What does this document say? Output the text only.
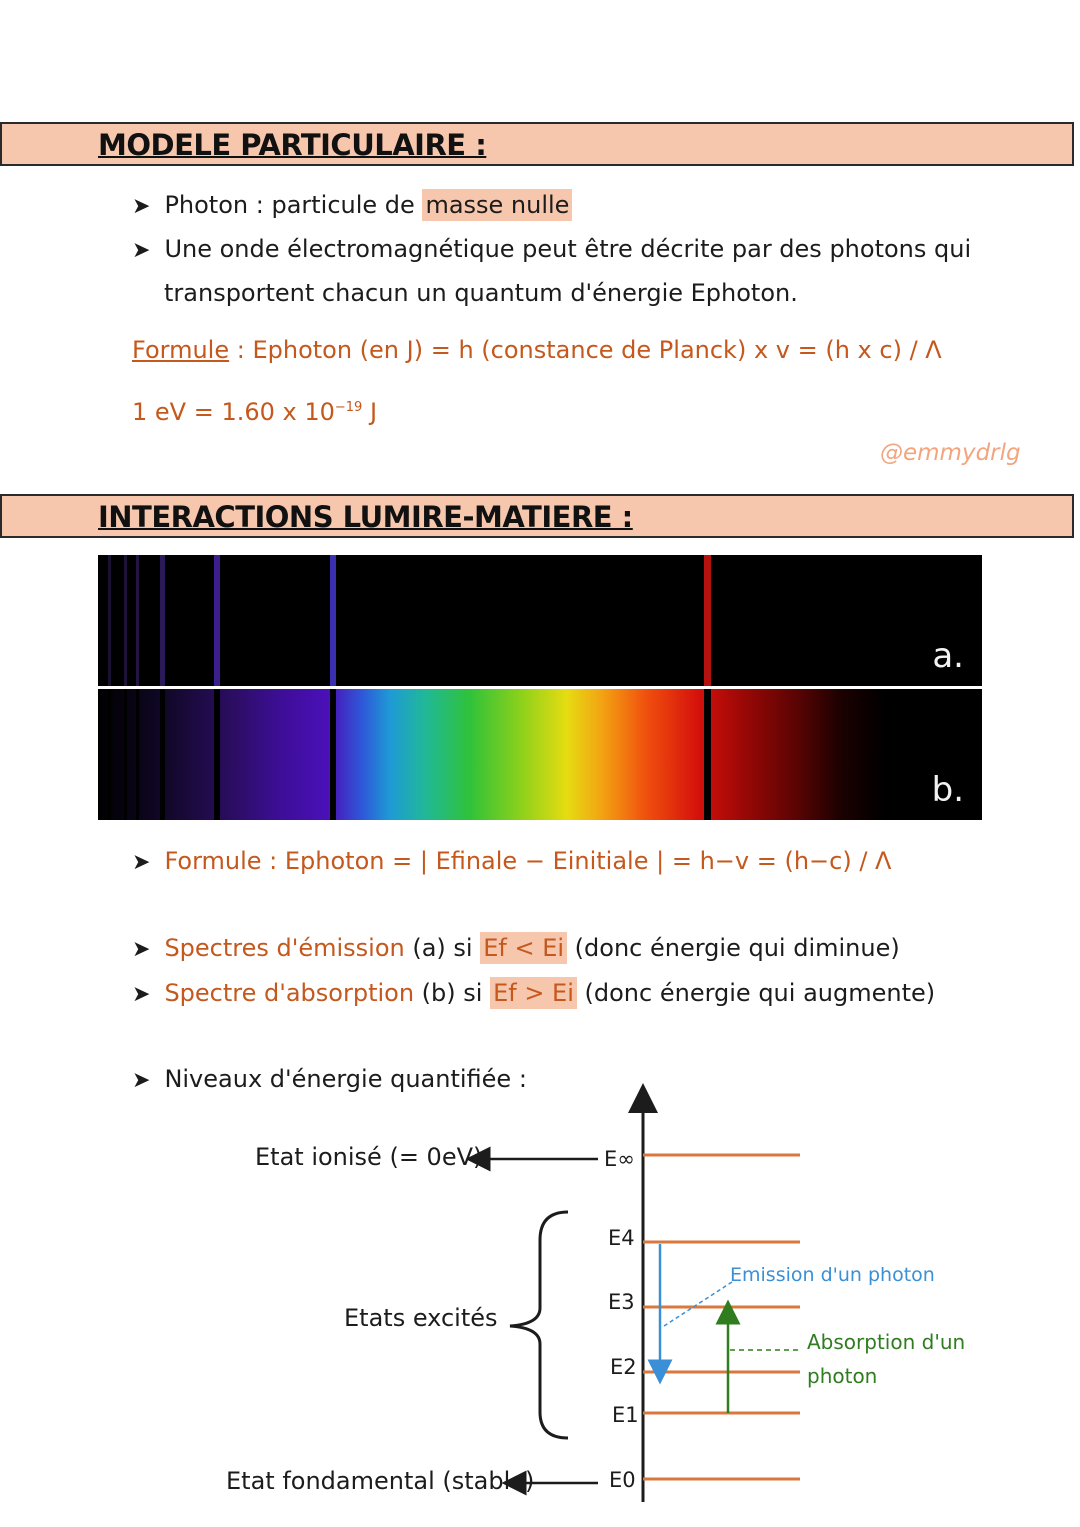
MODELE PARTICULAIRE :
➤ Photon : particule de masse nulle
➤ Une onde électromagnétique peut être décrite par des photons qui
transportent chacun un quantum d'énergie Ephoton.
Formule : Ephoton (en J) = h (constance de Planck) x v = (h x c) / Λ
1 eV = 1.60 x $10^{-19}$ J
@emmydrlg
INTERACTIONS LUMIRE-MATIERE :
a.
b.
➤ Formule : Ephoton = | Efinale − Einitiale | = h−v = (h−c) / Λ
➤ Spectres d'émission (a) si Ef < Ei (donc énergie qui diminue)
➤ Spectre d'absorption (b) si Ef > Ei (donc énergie qui augmente)
➤ Niveaux d'énergie quantifiée :
Etat ionisé (= 0eV)
Etats excités
Etat fondamental (stable)
E∞
E4
E3
E2
E1
E0
Emission d'un photon
Absorption d'un
photon
